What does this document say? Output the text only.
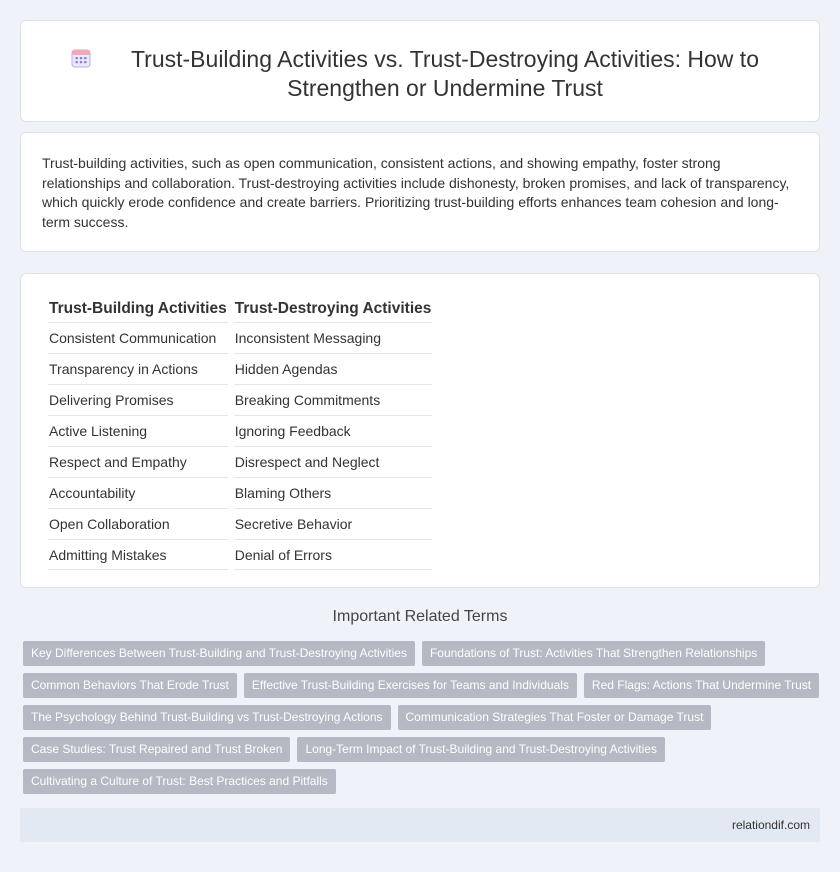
Trust-Building Activities vs. Trust-Destroying Activities: How to Strengthen or Undermine Trust

Trust-building activities, such as open communication, consistent actions, and showing empathy, foster strong relationships and collaboration. Trust-destroying activities include dishonesty, broken promises, and lack of transparency, which quickly erode confidence and create barriers. Prioritizing trust-building efforts enhances team cohesion and long-term success.

Trust-Building Activities	Trust-Destroying Activities
Consistent Communication	Inconsistent Messaging
Transparency in Actions	Hidden Agendas
Delivering Promises	Breaking Commitments
Active Listening	Ignoring Feedback
Respect and Empathy	Disrespect and Neglect
Accountability	Blaming Others
Open Collaboration	Secretive Behavior
Admitting Mistakes	Denial of Errors
Important Related Terms
Key Differences Between Trust-Building and Trust-Destroying Activities	Foundations of Trust: Activities That Strengthen Relationships
Common Behaviors That Erode Trust	Effective Trust-Building Exercises for Teams and Individuals	Red Flags: Actions That Undermine Trust
The Psychology Behind Trust-Building vs Trust-Destroying Actions	Communication Strategies That Foster or Damage Trust
Case Studies: Trust Repaired and Trust Broken	Long-Term Impact of Trust-Building and Trust-Destroying Activities
Cultivating a Culture of Trust: Best Practices and Pitfalls
relationdif.com
